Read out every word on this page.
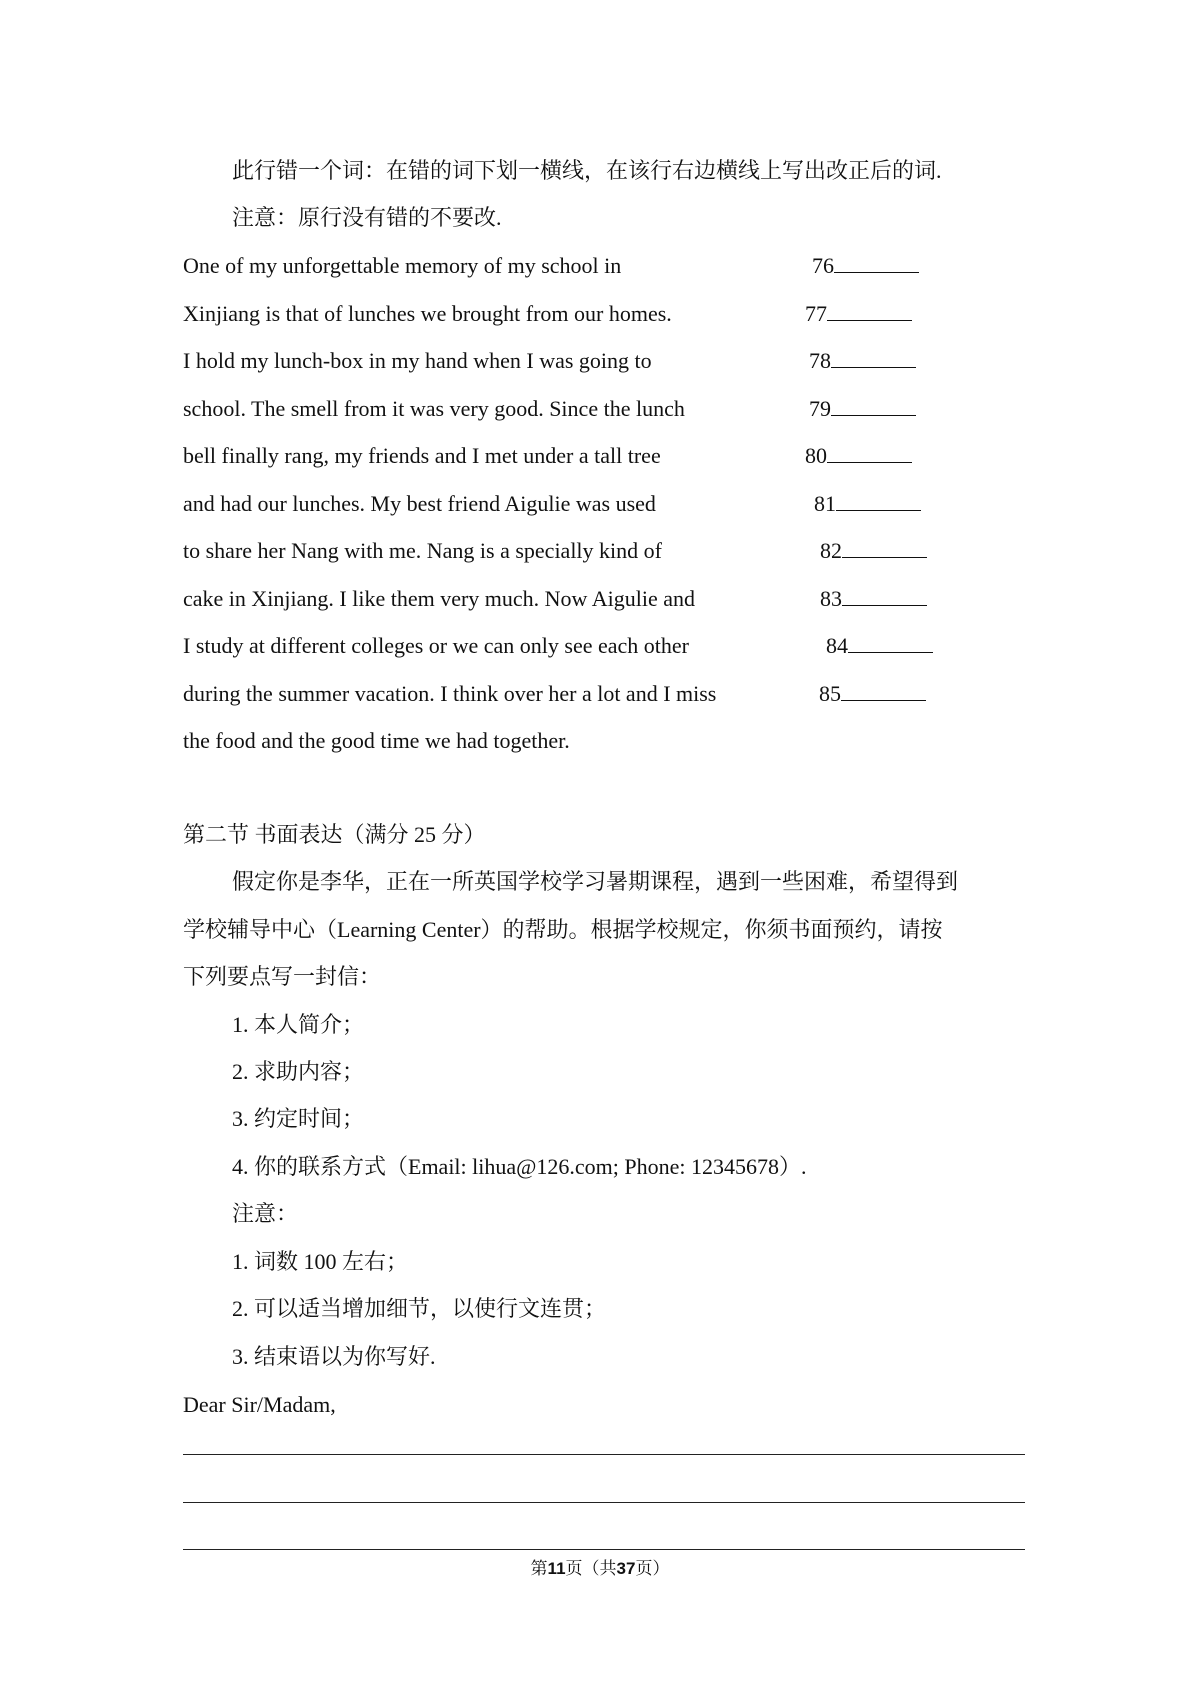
此行错一个词：在错的词下划一横线，在该行右边横线上写出改正后的词.
注意：原行没有错的不要改.
One of my unforgettable memory of my school in	76
Xinjiang is that of lunches we brought from our homes.	77
I hold my lunch-box in my hand when I was going to	78
school. The smell from it was very good. Since the lunch	79
bell finally rang, my friends and I met under a tall tree	80
and had our lunches. My best friend Aigulie was used	81
to share her Nang with me. Nang is a specially kind of	82
cake in Xinjiang. I like them very much. Now Aigulie and	83
I study at different colleges or we can only see each other	84
during the summer vacation. I think over her a lot and I miss	85
the food and the good time we had together.
第二节 书面表达（满分 25 分）
假定你是李华，正在一所英国学校学习暑期课程，遇到一些困难，希望得到
学校辅导中心（Learning Center）的帮助。根据学校规定，你须书面预约，请按
下列要点写一封信：
1. 本人简介；
2. 求助内容；
3. 约定时间；
4. 你的联系方式（Email: lihua@126.com; Phone: 12345678）.
注意：
1. 词数 100 左右；
2. 可以适当增加细节，以使行文连贯；
3. 结束语以为你写好.
Dear Sir/Madam,
第11页（共37页）
